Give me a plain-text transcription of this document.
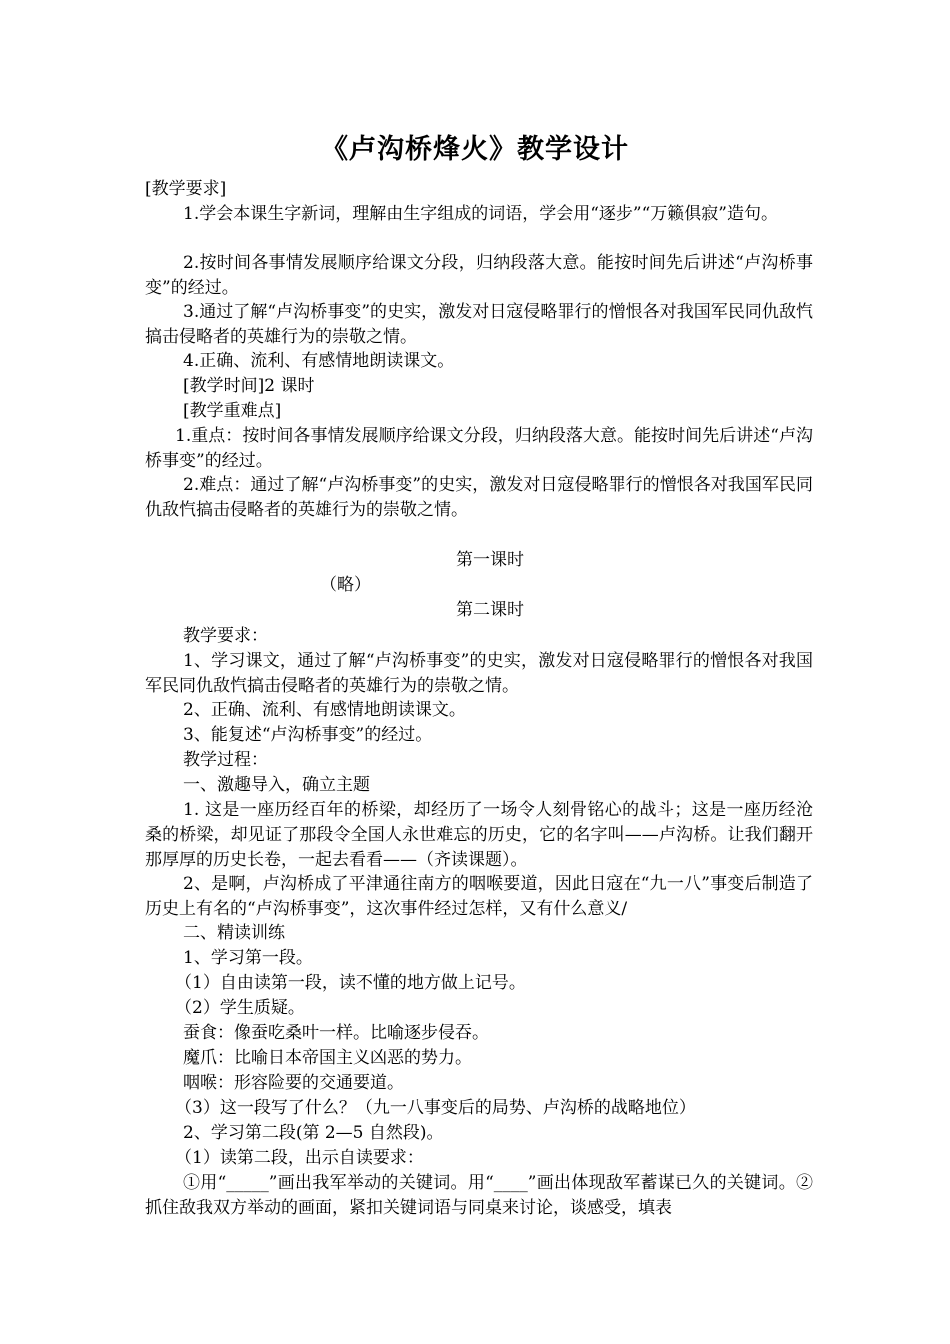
《卢沟桥烽火》教学设计
[教学要求]
1.学会本课生字新词，理解由生字组成的词语，学会用“逐步”“万籁俱寂”造句。
2.按时间各事情发展顺序给课文分段，归纳段落大意。能按时间先后讲述“卢沟桥事变”的经过。
3.通过了解“卢沟桥事变”的史实，激发对日寇侵略罪行的憎恨各对我国军民同仇敌忾搞击侵略者的英雄行为的崇敬之情。
4.正确、流利、有感情地朗读课文。
[教学时间]2 课时
[教学重难点]
1.重点：按时间各事情发展顺序给课文分段，归纳段落大意。能按时间先后讲述“卢沟桥事变”的经过。
2.难点：通过了解“卢沟桥事变”的史实，激发对日寇侵略罪行的憎恨各对我国军民同仇敌忾搞击侵略者的英雄行为的崇敬之情。
第一课时
（略）
第二课时
教学要求：
1、学习课文，通过了解“卢沟桥事变”的史实，激发对日寇侵略罪行的憎恨各对我国军民同仇敌忾搞击侵略者的英雄行为的崇敬之情。
2、正确、流利、有感情地朗读课文。
3、能复述“卢沟桥事变”的经过。
教学过程：
一、激趣导入，确立主题
1. 这是一座历经百年的桥梁，却经历了一场令人刻骨铭心的战斗；这是一座历经沧桑的桥梁，却见证了那段令全国人永世难忘的历史，它的名字叫——卢沟桥。让我们翻开那厚厚的历史长卷，一起去看看——（齐读课题）。
2、是啊，卢沟桥成了平津通往南方的咽喉要道，因此日寇在“九一八”事变后制造了历史上有名的“卢沟桥事变”，这次事件经过怎样，又有什么意义/
二、精读训练
1、学习第一段。
（1）自由读第一段，读不懂的地方做上记号。
（2）学生质疑。
蚕食：像蚕吃桑叶一样。比喻逐步侵吞。
魔爪：比喻日本帝国主义凶恶的势力。
咽喉：形容险要的交通要道。
（3）这一段写了什么？（九一八事变后的局势、卢沟桥的战略地位）
2、学习第二段(第 2—5 自然段)。
（1）读第二段，出示自读要求：
①用“_____”画出我军举动的关键词。用“____”画出体现敌军蓄谋已久的关键词。②抓住敌我双方举动的画面，紧扣关键词语与同桌来讨论，谈感受，填表
